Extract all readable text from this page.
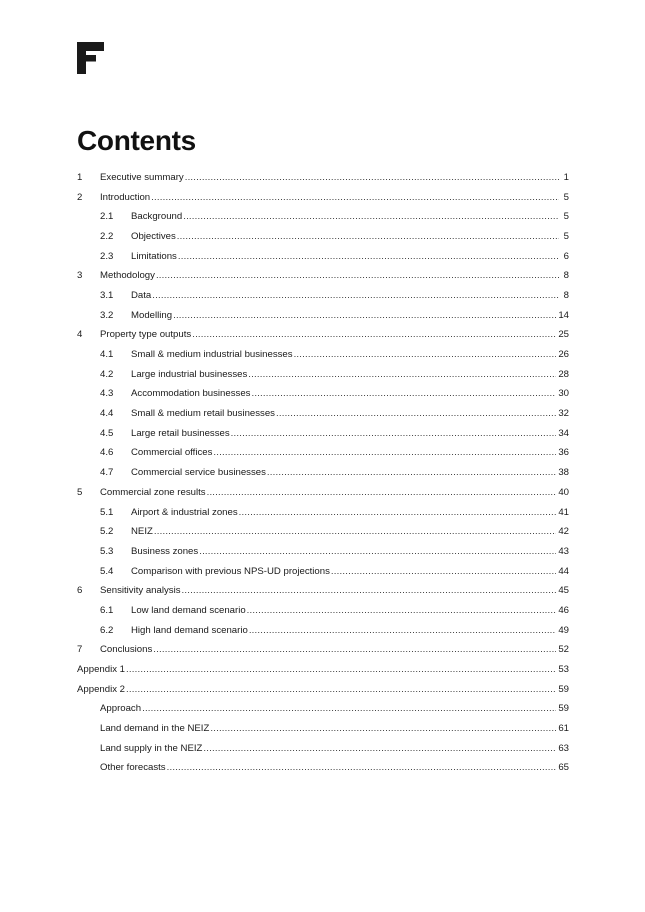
Contents
1	Executive summary .....	1
2	Introduction .....	5
2.1	Background .....	5
2.2	Objectives .....	5
2.3	Limitations .....	6
3	Methodology .....	8
3.1	Data .....	8
3.2	Modelling .....	14
4	Property type outputs .....	25
4.1	Small & medium industrial businesses .....	26
4.2	Large industrial businesses .....	28
4.3	Accommodation businesses .....	30
4.4	Small & medium retail businesses .....	32
4.5	Large retail businesses .....	34
4.6	Commercial offices .....	36
4.7	Commercial service businesses .....	38
5	Commercial zone results .....	40
5.1	Airport & industrial zones .....	41
5.2	NEIZ .....	42
5.3	Business zones .....	43
5.4	Comparison with previous NPS-UD projections .....	44
6	Sensitivity analysis .....	45
6.1	Low land demand scenario .....	46
6.2	High land demand scenario .....	49
7	Conclusions .....	52
Appendix 1 .....	53
Appendix 2 .....	59
Approach .....	59
Land demand in the NEIZ .....	61
Land supply in the NEIZ .....	63
Other forecasts .....	65
